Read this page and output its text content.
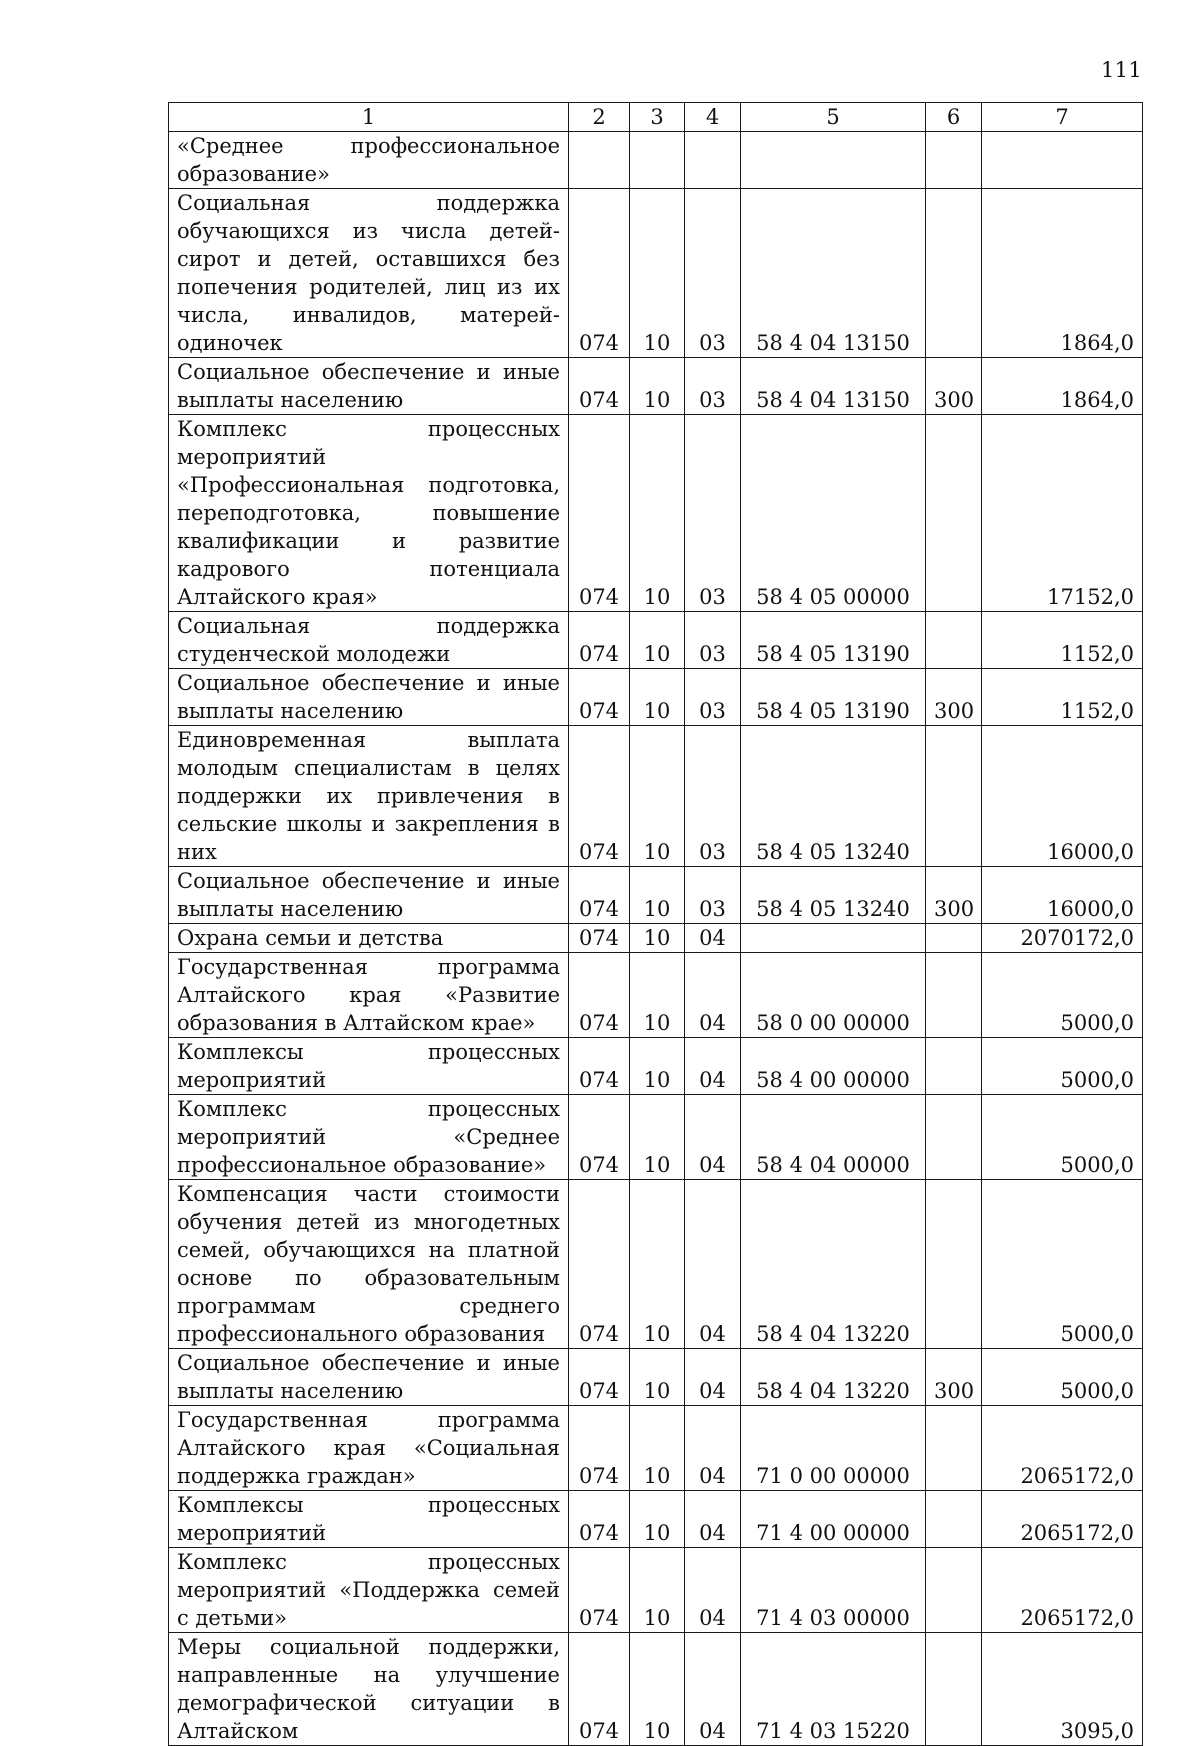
111
1	2	3	4	5	6	7
«Среднее профессиональное образование»						
Социальная поддержка обучающихся из числа детей-сирот и детей, оставшихся без попечения родителей, лиц из их числа, инвалидов, матерей-одиночек	074	10	03	58 4 04 13150		1864,0
Социальное обеспечение и иные выплаты населению	074	10	03	58 4 04 13150	300	1864,0
Комплекс процессных мероприятий «Профессиональная подготовка, переподготовка, повышение квалификации и развитие кадрового потенциала Алтайского края»	074	10	03	58 4 05 00000		17152,0
Социальная поддержка студенческой молодежи	074	10	03	58 4 05 13190		1152,0
Социальное обеспечение и иные выплаты населению	074	10	03	58 4 05 13190	300	1152,0
Единовременная выплата молодым специалистам в целях поддержки их привлечения в сельские школы и закрепления в них	074	10	03	58 4 05 13240		16000,0
Социальное обеспечение и иные выплаты населению	074	10	03	58 4 05 13240	300	16000,0
Охрана семьи и детства	074	10	04			2070172,0
Государственная программа Алтайского края «Развитие образования в Алтайском крае»	074	10	04	58 0 00 00000		5000,0
Комплексы процессных мероприятий	074	10	04	58 4 00 00000		5000,0
Комплекс процессных мероприятий «Среднее профессиональное образование»	074	10	04	58 4 04 00000		5000,0
Компенсация части стоимости обучения детей из многодетных семей, обучающихся на платной основе по образовательным программам среднего профессионального образования	074	10	04	58 4 04 13220		5000,0
Социальное обеспечение и иные выплаты населению	074	10	04	58 4 04 13220	300	5000,0
Государственная программа Алтайского края «Социальная поддержка граждан»	074	10	04	71 0 00 00000		2065172,0
Комплексы процессных мероприятий	074	10	04	71 4 00 00000		2065172,0
Комплекс процессных мероприятий «Поддержка семей с детьми»	074	10	04	71 4 03 00000		2065172,0
Меры социальной поддержки, направленные на улучшение демографической ситуации в Алтайском	074	10	04	71 4 03 15220		3095,0
